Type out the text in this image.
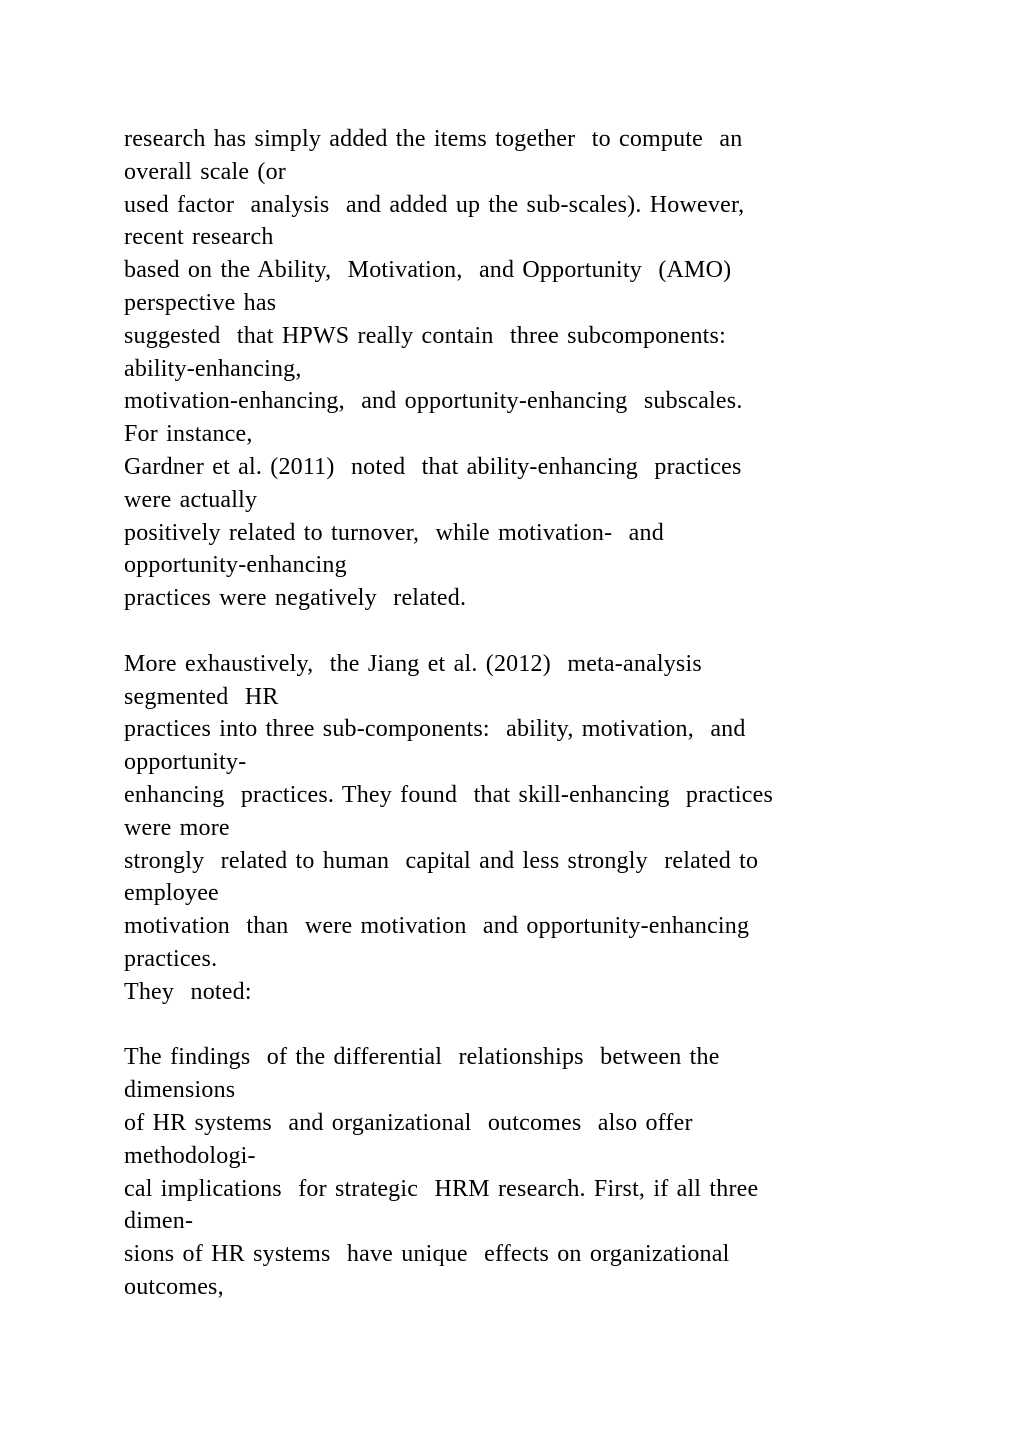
research has simply added the items together  to compute  an
overall scale (or
used factor  analysis  and added up the sub-scales). However,
recent research
based on the Ability,  Motivation,  and Opportunity  (AMO)
perspective has
suggested  that HPWS really contain  three subcomponents:
ability-enhancing,
motivation-enhancing,  and opportunity-enhancing  subscales.
For instance,
Gardner et al. (2011)  noted  that ability-enhancing  practices
were actually
positively related to turnover,  while motivation-  and
opportunity-enhancing
practices were negatively  related.
More exhaustively,  the Jiang et al. (2012)  meta-analysis
segmented  HR
practices into three sub-components:  ability, motivation,  and
opportunity-
enhancing  practices. They found  that skill-enhancing  practices
were more
strongly  related to human  capital and less strongly  related to
employee
motivation  than  were motivation  and opportunity-enhancing
practices.
They  noted:
The findings  of the differential  relationships  between the
dimensions
of HR systems  and organizational  outcomes  also offer
methodologi-
cal implications  for strategic  HRM research. First, if all three
dimen-
sions of HR systems  have unique  effects on organizational
outcomes,
